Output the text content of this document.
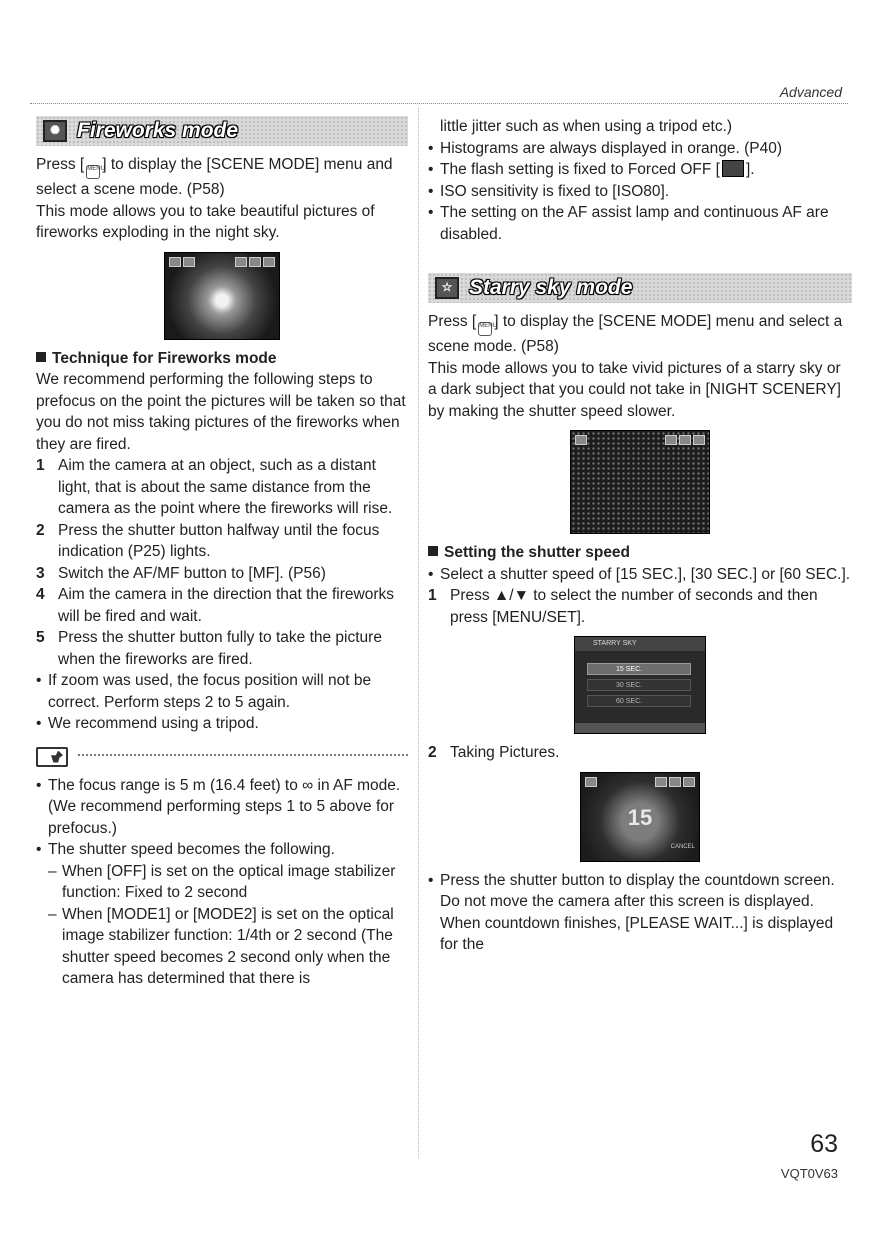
Advanced
✺ Fireworks mode

Press [ MENU] to display the [SCENE MODE] menu and select a scene mode. (P58)

This mode allows you to take beautiful pictures of fireworks exploding in the night sky.

Technique for Fireworks mode

We recommend performing the following steps to prefocus on the point the pictures will be taken so that you do not miss taking pictures of the fireworks when they are fired.

1 Aim the camera at an object, such as a distant light, that is about the same distance from the camera as the point where the fireworks will rise.
2 Press the shutter button halfway until the focus indication (P25) lights.
3 Switch the AF/MF button to [MF]. (P56)
4 Aim the camera in the direction that the fireworks will be fired and wait.
5 Press the shutter button fully to take the picture when the fireworks are fired.
• If zoom was used, the focus position will not be correct. Perform steps 2 to 5 again.
• We recommend using a tripod.
• The focus range is 5 m (16.4 feet) to ∞ in AF mode. (We recommend performing steps 1 to 5 above for prefocus.)
• The shutter speed becomes the following.
– When [OFF] is set on the optical image stabilizer function: Fixed to 2 second
– When [MODE1] or [MODE2] is set on the optical image stabilizer function: 1/4th or 2 second (The shutter speed becomes 2 second only when the camera has determined that there is

little jitter such as when using a tripod etc.)

• Histograms are always displayed in orange. (P40)
• The flash setting is fixed to Forced OFF [ ].
• ISO sensitivity is fixed to [ISO80].
• The setting on the AF assist lamp and continuous AF are disabled.
☆ Starry sky mode

Press [ MENU] to display the [SCENE MODE] menu and select a scene mode. (P58)

This mode allows you to take vivid pictures of a starry sky or a dark subject that you could not take in [NIGHT SCENERY] by making the shutter speed slower.

Setting the shutter speed

• Select a shutter speed of [15 SEC.], [30 SEC.] or [60 SEC.].
1 Press ▲/▼ to select the number of seconds and then press [MENU/SET].
STARRY SKY
15 SEC.
30 SEC.
60 SEC.
2 Taking Pictures.
15
CANCEL
• Press the shutter button to display the countdown screen. Do not move the camera after this screen is displayed. When countdown finishes, [PLEASE WAIT...] is displayed for the
63
VQT0V63
